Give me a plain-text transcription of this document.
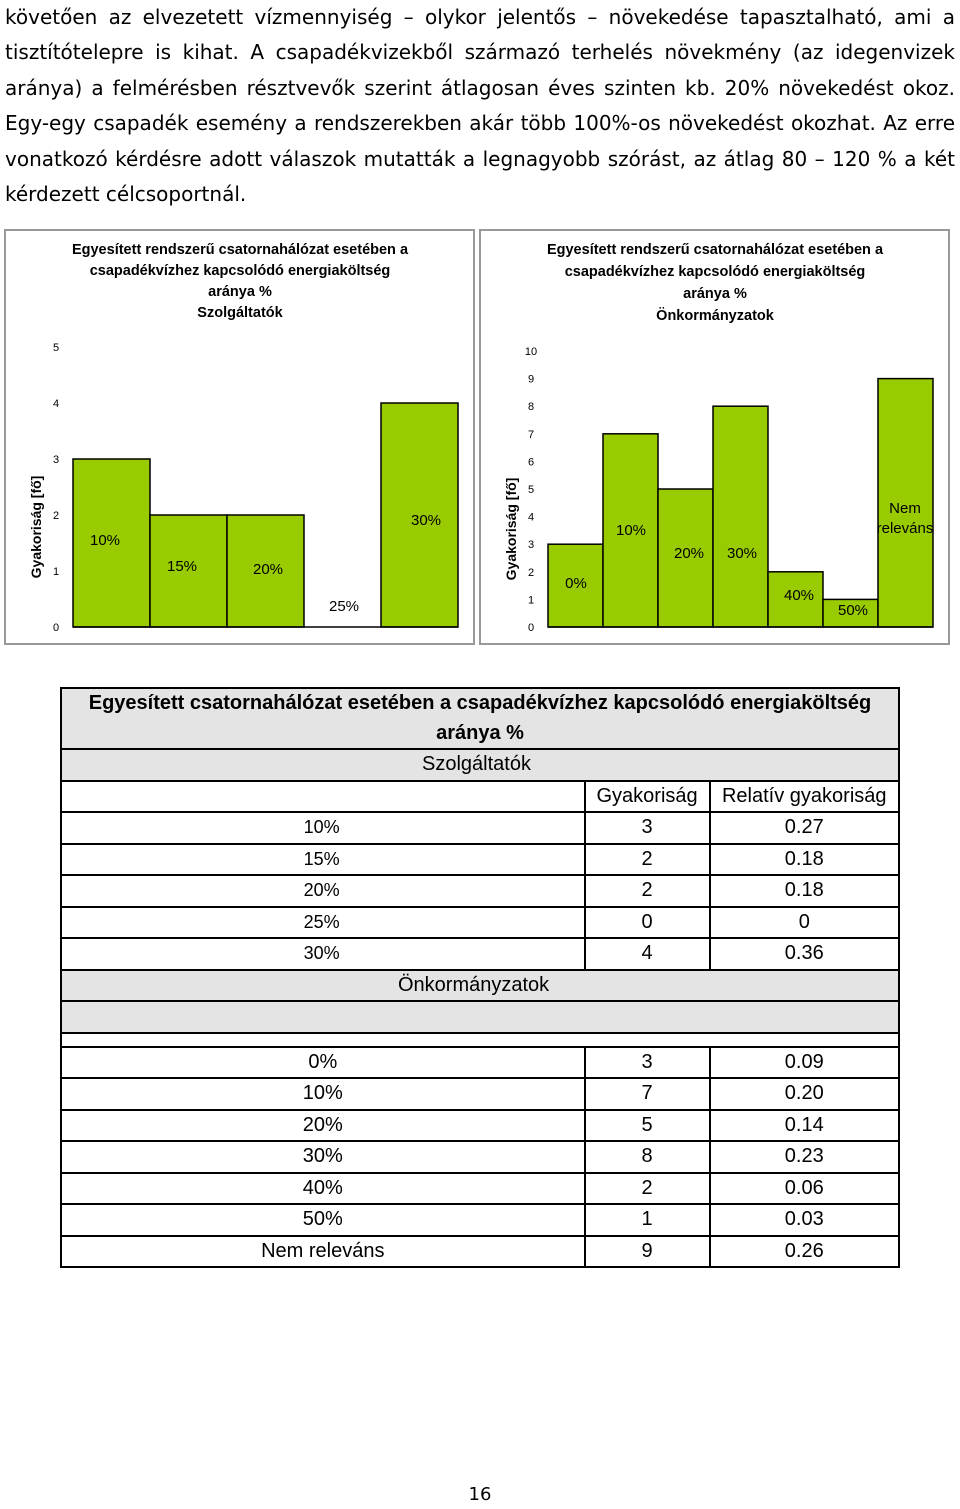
követően az elvezetett vízmennyiség – olykor jelentős – növekedése tapasztalható, ami a
tisztítótelepre is kihat. A csapadékvizekből származó terhelés növekmény (az idegenvizek
aránya) a felmérésben résztvevők szerint átlagosan éves szinten kb. 20% növekedést okoz.
Egy-egy csapadék esemény a rendszerekben akár több 100%-os növekedést okozhat. Az erre
vonatkozó kérdésre adott válaszok mutatták a legnagyobb szórást, az átlag 80 – 120 % a két
kérdezett célcsoportnál.
Egyesített rendszerű csatornahálózat esetében a
csapadékvízhez kapcsolódó energiaköltség
aránya %
Szolgáltatók
0
1
2
3
4
5
Gyakoriság [fő]	10%
15%	20%
25%
30%
Egyesített rendszerű csatornahálózat esetében a
csapadékvízhez kapcsolódó energiaköltség
aránya %
Önkormányzatok
0
1
2
3
4
5
6
7
8
9
10
Gyakoriság [fő]
0%
10%
20% 30%
40%
50%
Nem
releváns
Egyesített csatornahálózat esetében a csapadékvízhez kapcsolódó energiaköltség		
aránya %		
Szolgáltatók		
	Gyakoriság	Relatív gyakoriság
10%	3	0.27
15%	2	0.18
20%	2	0.18
25%	0	0
30%	4	0.36
Önkormányzatok		

0%	3	0.09
10%	7	0.20
20%	5	0.14
30%	8	0.23
40%	2	0.06
50%	1	0.03
Nem releváns	9	0.26
16
